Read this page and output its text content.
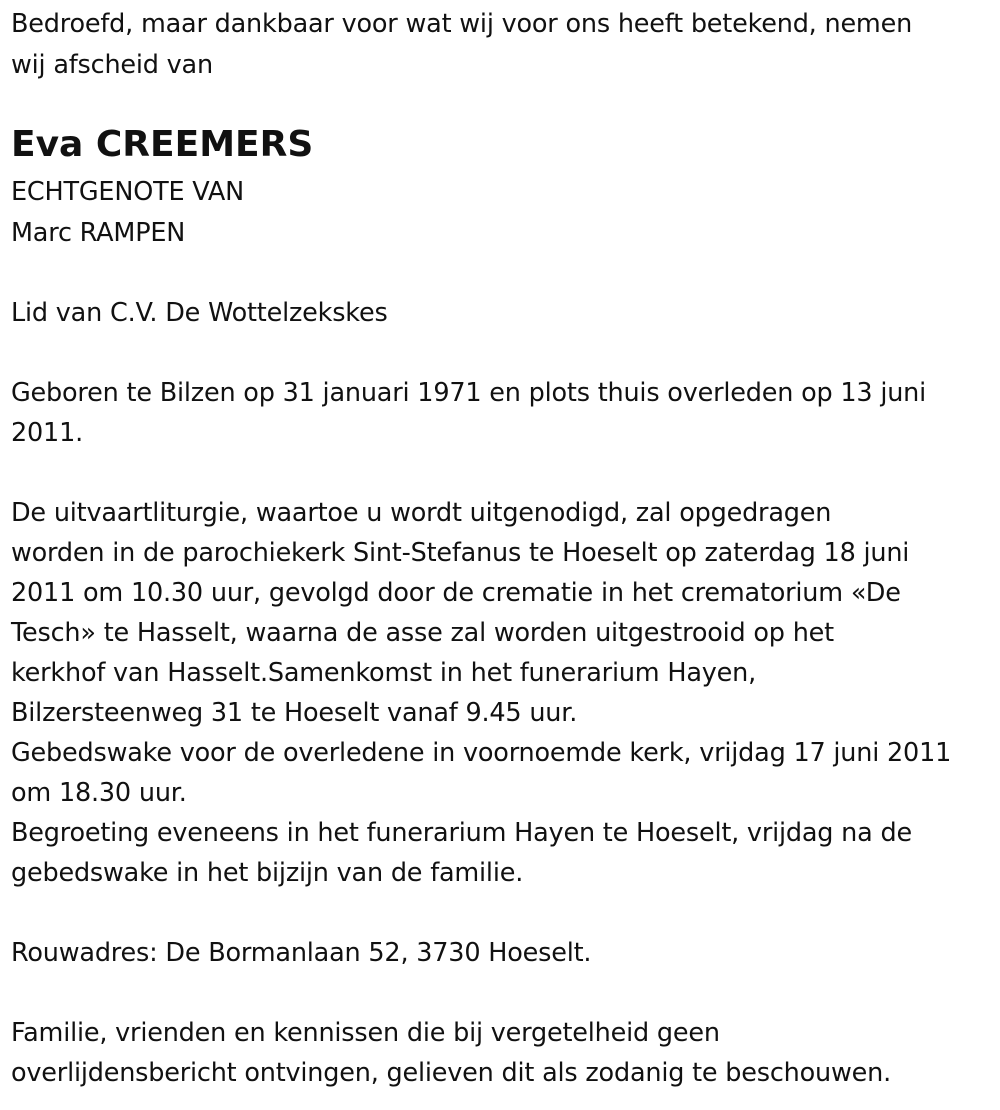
Bedroefd, maar dankbaar voor wat wij voor ons heeft betekend, nemen
wij afscheid van
Eva CREEMERS
ECHTGENOTE VAN
Marc RAMPEN
Lid van C.V. De Wottelzekskes
Geboren te Bilzen op 31 januari 1971 en plots thuis overleden op 13 juni
2011.
De uitvaartliturgie, waartoe u wordt uitgenodigd, zal opgedragen
worden in de parochiekerk Sint-Stefanus te Hoeselt op zaterdag 18 juni
2011 om 10.30 uur, gevolgd door de crematie in het crematorium «De
Tesch» te Hasselt, waarna de asse zal worden uitgestrooid op het
kerkhof van Hasselt.Samenkomst in het funerarium Hayen,
Bilzersteenweg 31 te Hoeselt vanaf 9.45 uur.
Gebedswake voor de overledene in voornoemde kerk, vrijdag 17 juni 2011
om 18.30 uur.
Begroeting eveneens in het funerarium Hayen te Hoeselt, vrijdag na de
gebedswake in het bijzijn van de familie.
Rouwadres: De Bormanlaan 52, 3730 Hoeselt.
Familie, vrienden en kennissen die bij vergetelheid geen
overlijdensbericht ontvingen, gelieven dit als zodanig te beschouwen.
